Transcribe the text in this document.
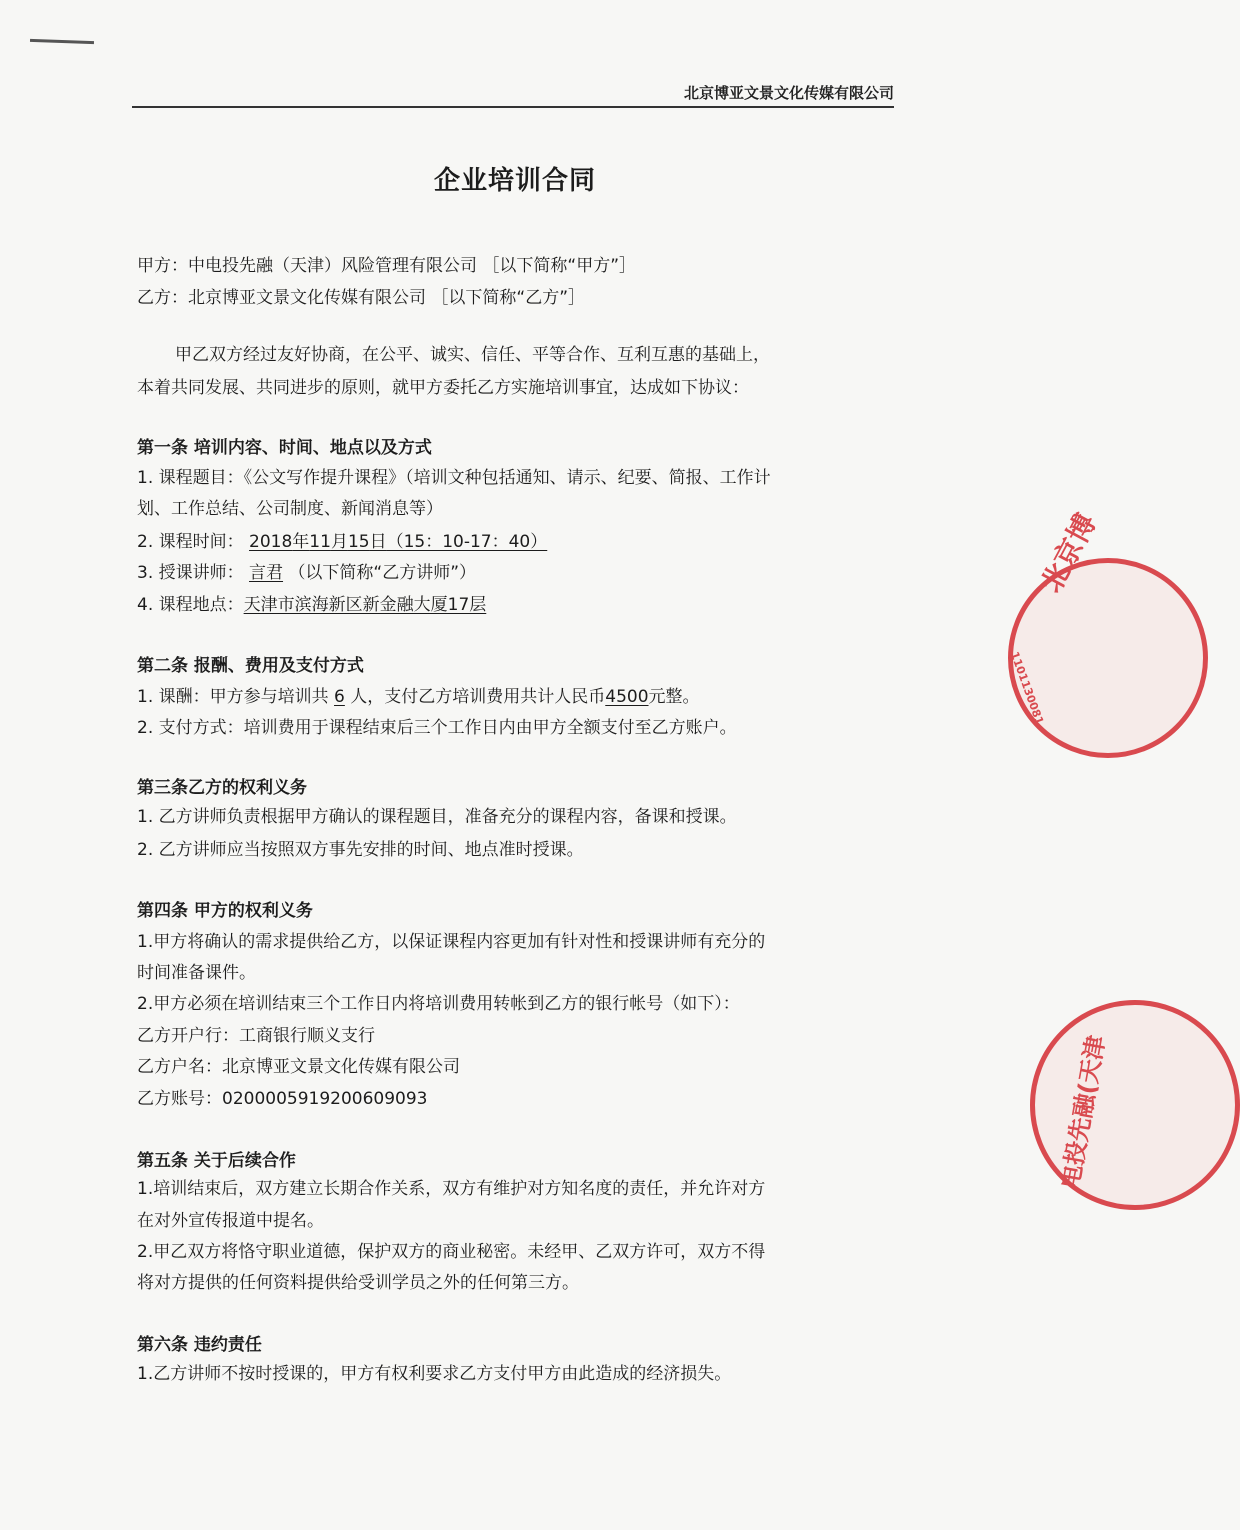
北京博亚文景文化传媒有限公司
企业培训合同
甲方：中电投先融（天津）风险管理有限公司 ［以下简称“甲方”］
乙方：北京博亚文景文化传媒有限公司 ［以下简称“乙方”］
甲乙双方经过友好协商，在公平、诚实、信任、平等合作、互利互惠的基础上，
本着共同发展、共同进步的原则，就甲方委托乙方实施培训事宜，达成如下协议：
第一条 培训内容、时间、地点以及方式
1. 课程题目：《公文写作提升课程》（培训文种包括通知、请示、纪要、简报、工作计
划、工作总结、公司制度、新闻消息等）
2. 课程时间： 2018年11月15日（15：10-17：40）
3. 授课讲师： 言君 （以下简称“乙方讲师”）
4. 课程地点：天津市滨海新区新金融大厦17层
第二条 报酬、费用及支付方式
1. 课酬：甲方参与培训共 6 人，支付乙方培训费用共计人民币4500元整。
2. 支付方式：培训费用于课程结束后三个工作日内由甲方全额支付至乙方账户。
第三条乙方的权利义务
1. 乙方讲师负责根据甲方确认的课程题目，准备充分的课程内容，备课和授课。
2. 乙方讲师应当按照双方事先安排的时间、地点准时授课。
第四条 甲方的权利义务
1.甲方将确认的需求提供给乙方，以保证课程内容更加有针对性和授课讲师有充分的
时间准备课件。
2.甲方必须在培训结束三个工作日内将培训费用转帐到乙方的银行帐号（如下）：
乙方开户行：工商银行顺义支行
乙方户名：北京博亚文景文化传媒有限公司
乙方账号：0200005919200609093
第五条 关于后续合作
1.培训结束后，双方建立长期合作关系，双方有维护对方知名度的责任，并允许对方
在对外宣传报道中提名。
2.甲乙双方将恪守职业道德，保护双方的商业秘密。未经甲、乙双方许可，双方不得
将对方提供的任何资料提供给受训学员之外的任何第三方。
第六条 违约责任
1.乙方讲师不按时授课的，甲方有权利要求乙方支付甲方由此造成的经济损失。
北京博
1101130081
电投先融(天津
